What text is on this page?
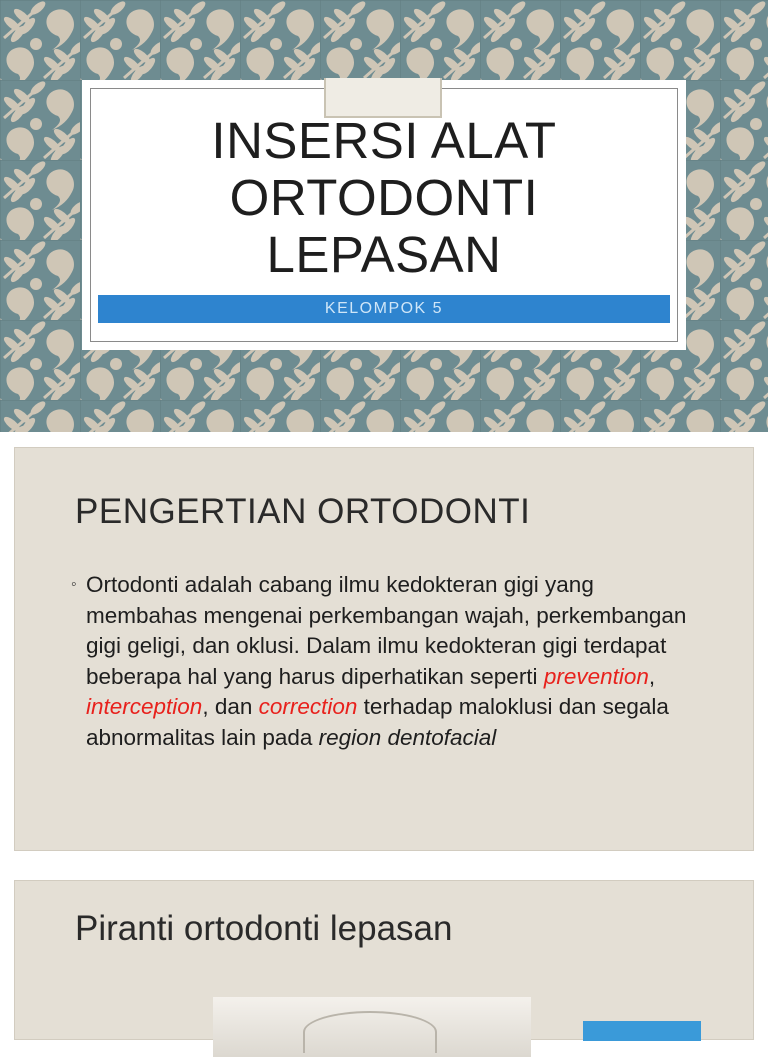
INSERSI ALAT
ORTODONTI
LEPASAN
KELOMPOK 5
PENGERTIAN ORTODONTI
◦ Ortodonti adalah cabang ilmu kedokteran gigi yang membahas mengenai perkembangan wajah, perkembangan gigi geligi, dan oklusi. Dalam ilmu kedokteran gigi terdapat beberapa hal yang harus diperhatikan seperti prevention, interception, dan correction terhadap maloklusi dan segala abnormalitas lain pada region dentofacial
Piranti ortodonti lepasan
